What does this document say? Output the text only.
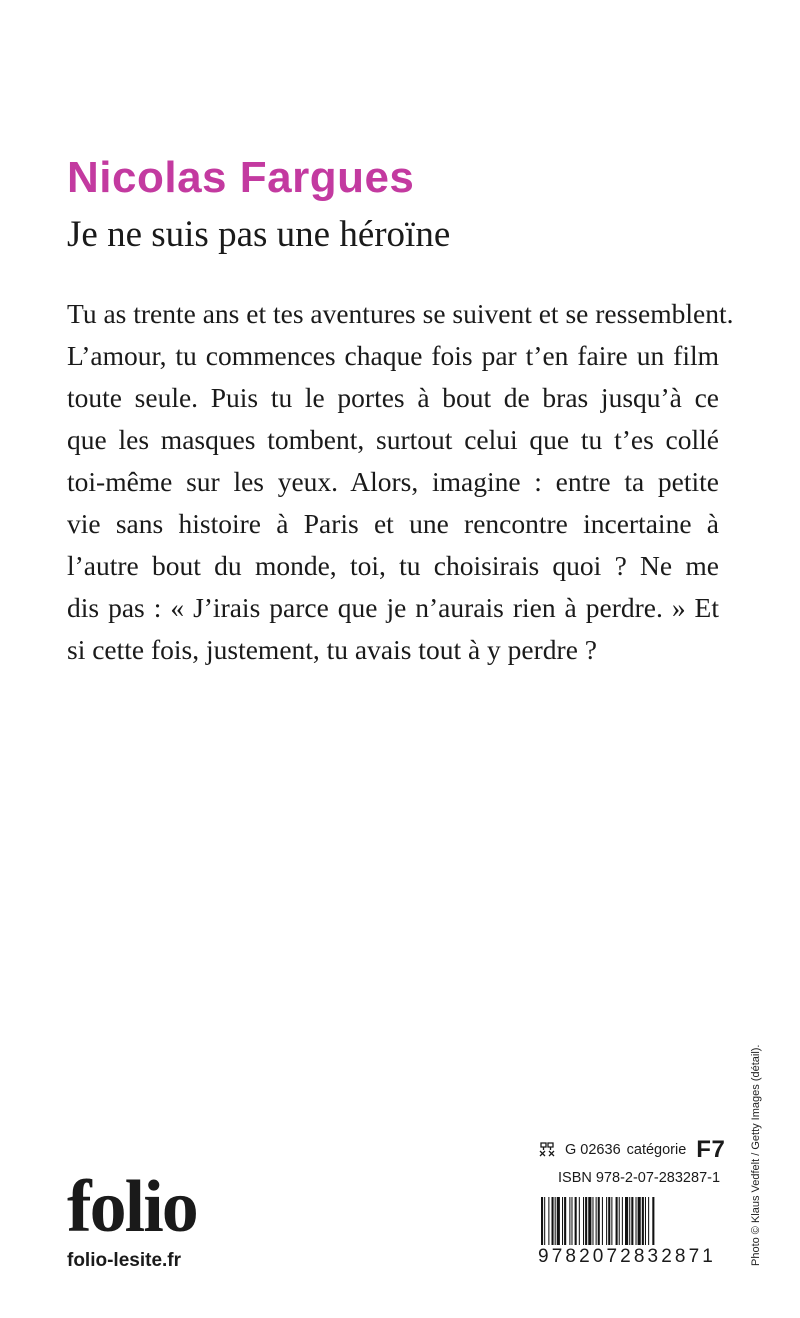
Nicolas Fargues
Je ne suis pas une héroïne

Tu as trente ans et tes aventures se suivent et se ressemblent.
L’amour, tu commences chaque fois par t’en faire un film
toute seule. Puis tu le portes à bout de bras jusqu’à ce
que les masques tombent, surtout celui que tu t’es collé
toi-même sur les yeux. Alors, imagine : entre ta petite
vie sans histoire à Paris et une rencontre incertaine à
l’autre bout du monde, toi, tu choisirais quoi ? Ne me
dis pas : « J’irais parce que je n’aurais rien à perdre. » Et
si cette fois, justement, tu avais tout à y perdre ?

Photo © Klaus Vedfelt / Getty Images (détail).
G 02636 catégorie F7
ISBN 978-2-07-283287-1
9 7 8 2 0 7 2 8 3 2 8 7 1
folio
folio-lesite.fr
